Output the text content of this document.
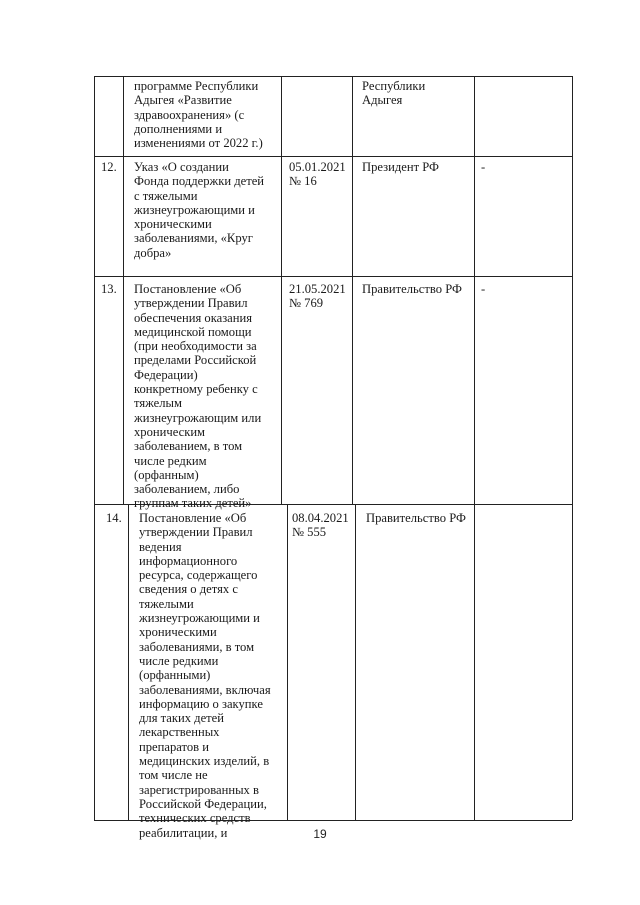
программе Республики
Адыгея «Развитие
здравоохранения» (с
дополнениями и
изменениями от 2022 г.)
Республики
Адыгея
12. Указ «О создании
Фонда поддержки детей
с тяжелыми
жизнеугрожающими и
хроническими
заболеваниями, «Круг
добра»
05.01.2021
№ 16
Президент РФ	-
13. Постановление «Об
утверждении Правил
обеспечения оказания
медицинской помощи
(при необходимости за
пределами Российской
Федерации)
конкретному ребенку с
тяжелым
жизнеугрожающим или
хроническим
заболеванием, в том
числе редким
(орфанным)
заболеванием, либо
группам таких детей»
21.05.2021
№ 769
Правительство РФ	-
14. Постановление «Об
утверждении Правил
ведения
информационного
ресурса, содержащего
сведения о детях с
тяжелыми
жизнеугрожающими и
хроническими
заболеваниями, в том
числе редкими
(орфанными)
заболеваниями, включая
информацию о закупке
для таких детей
лекарственных
препаратов и
медицинских изделий, в
том числе не
зарегистрированных в
Российской Федерации,
технических средств
реабилитации, и
08.04.2021
№ 555
Правительство РФ
19
